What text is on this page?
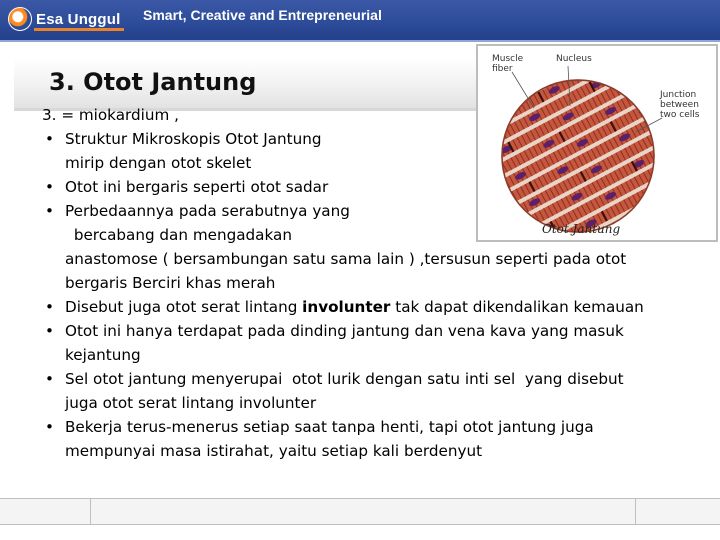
Esa Unggul Smart, Creative and Entrepreneurial
3. Otot Jantung
Muscle
fiber
Nucleus
Junction
between
two cells
Otot Jantung
3. = miokardium ,
• Struktur Mikroskopis Otot Jantung
mirip dengan otot skelet
• Otot ini bergaris seperti otot sadar
• Perbedaannya pada serabutnya yang
bercabang dan mengadakan
anastomose ( bersambungan satu sama lain ) ,tersusun seperti pada otot
bergaris Berciri khas merah
• Disebut juga otot serat lintang involunter tak dapat dikendalikan kemauan
• Otot ini hanya terdapat pada dinding jantung dan vena kava yang masuk
kejantung
• Sel otot jantung menyerupai  otot lurik dengan satu inti sel  yang disebut
juga otot serat lintang involunter
• Bekerja terus-menerus setiap saat tanpa henti, tapi otot jantung juga
mempunyai masa istirahat, yaitu setiap kali berdenyut
